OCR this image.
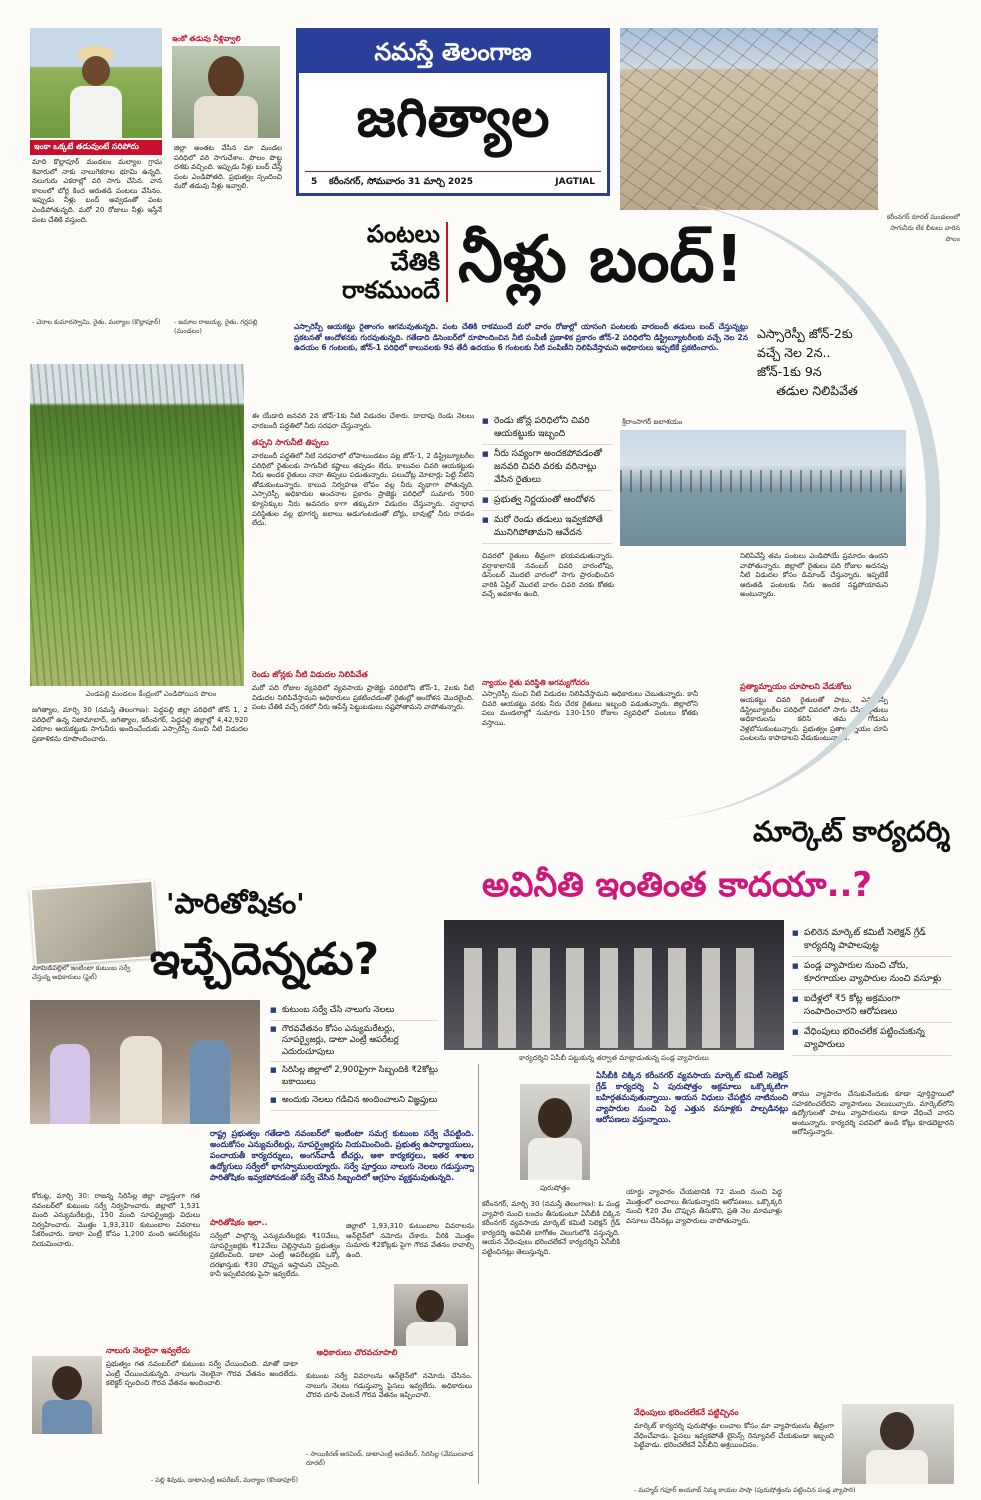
ఇంకా ఒక్కటే తడువుంటే సరిపోదు
మాది కొల్లాపూర్ మండలం మల్యాల గ్రామ శివారులో నాకు నాలుగెకరాల భూమి ఉన్నది. నలుగురు ఎకరాల్లో వరి సాగు చేసిన. వాన కాలంలో బోర్ల కింద ఆరుతడి పంటలు వేసినం. ఇప్పుడు నీళ్లు బంద్ అవ్వడంతో పంట ఎండిపోతున్నది. మరో 20 రోజులు నీళ్లు ఇస్తేనే పంట చేతికి వస్తుంది.
- చెరాల కుమారస్వామి, రైతు, మల్యాల (కొల్లాపూర్)
ఇంకో తడువు నీళ్లివ్వాలి
జిల్లా అంతట వేసిన మా మండల పరిధిలో వరి సాగుచేశాం. పొలం పొట్ట దశకు వచ్చింది. ఇప్పుడు నీళ్లు బంద్ చేస్తే పంట ఎండిపోతది. ప్రభుత్వం స్పందించి మరో తడువు నీళ్లు ఇవ్వాలి.
- జమాల రాజయ్య, రైతు, గర్లపల్లి (మండలం)
నమస్తే తెలంగాణ
జగిత్యాల
5 కరీంనగర్, సోమవారం 31 మార్చి 2025	JAGTIAL
కరీంనగర్ రూరల్ మండలంలో సాగునీరు లేక బీటలు వారిన పొలం
పంటలు
చేతికి
రాకముందే నీళ్లు బంద్!
ఎస్సారెస్పీ ఆయకట్టు రైతాంగం ఆగమవుతున్నది. పంట చేతికి రాకముందే మరో వారం రోజుల్లో యాసంగి పంటలకు వారబందీ తడులు బంద్ చేస్తున్నట్లు ప్రకటనతో ఆందోళనకు గురవుతున్నది. గతేడాది డిసెంబర్‌లో రూపొందించిన నీటి పంపిణీ ప్రణాళిక ప్రకారం జోన్-2 పరిధిలోని డిస్ట్రిబ్యూటరీలకు వచ్చే నెల 2న ఉదయం 6 గంటలకు, జోన్-1 పరిధిలో కాలువలకు 9వ తేదీ ఉదయం 6 గంటలకు నీటి పంపిణీని నిలిపివేస్తామని అధికారులు ఇప్పటికే ప్రకటించారు.
ఎస్సారెస్పీ జోన్-2కు
వచ్చే నెల 2న..
జోన్-1కు 9న
తడుల నిలిపివేత
ఎండపల్లి మండలం కేంద్రంలో ఎండిపోయిన పొలం
ఈ యేడాది జనవరి 2న జోన్-1కు నీటి విడుదల చేశారు. దాదాపు రెండు నెలలు వారబందీ పద్ధతిలో నీరు సరఫరా చేస్తున్నారు.
తప్పని సాగునీటి తిప్పలు
వారబందీ పద్ధతిలో నీటి సరఫరాలో లోపాలుండటం వల్ల జోన్-1, 2 డిస్ట్రిబ్యూటరీల పరిధిలో రైతులకు సాగునీటి కష్టాలు తప్పడం లేదు. కాలువల చివరి ఆయకట్టుకు నీరు అందక రైతులు నానా తిప్పలు పడుతున్నారు. పలుచోట్ల మోటార్లు పెట్టి నీటిని తోడుకుంటున్నారు. కాలువ నిర్వహణ లోపం వల్ల నీరు వృథాగా పోతున్నది. ఎస్సారెస్పీ అధికారుల అంచనాల ప్రకారం ప్రాజెక్టు పరిధిలో సుమారు 500 క్యూసెక్కుల నీరు అవసరం కాగా తక్కువగా విడుదల చేస్తున్నారు. వర్షాభావ పరిస్థితుల వల్ల భూగర్భ జలాలు అడుగంటడంతో బోర్లు, బావుల్లో నీరు రావడం లేదు.
రెండు జోన్లకు నీటి విడుదల నిలిపివేత
మరో పది రోజుల వ్యవధిలో వ్యవసాయ ప్రాజెక్టు పరిధిలోని జోన్-1, 2లకు నీటి విడుదల నిలిపివేస్తామని అధికారులు ప్రకటించడంతో రైతుల్లో ఆందోళన మొదలైంది. పంట చేతికి వచ్చే దశలో నీరు ఆపేస్తే పెట్టుబడులు నష్టపోతామని వాపోతున్నారు.
జగిత్యాల, మార్చి 30 (నమస్తే తెలంగాణ): పెద్దపల్లి జిల్లా పరిధిలో జోన్ 1, 2 పరిధిలో ఉన్న నిజామాబాద్, జగిత్యాల, కరీంనగర్, పెద్దపల్లి జిల్లాల్లో 4,42,920 ఎకరాల ఆయకట్టుకు సాగునీరు అందించేందుకు ఎస్సారెస్పీ నుంచి నీటి విడుదల ప్రణాళికను రూపొందించారు.
■ రెండు జోన్ల పరిధిలోని చివరి ఆయకట్టుకు ఇబ్బంది
■ నీరు సవ్యంగా అందకపోవడంతో జనవరి చివరి వరకు వరినాట్లు వేసిన రైతులు
■ ప్రభుత్వ నిర్ణయంతో ఆందోళన
■ మరో రెండు తడులు ఇవ్వకపోతే మునిగిపోతామని ఆవేదన
శ్రీరాంసాగర్ జలాశయం
చివరలో రైతులు తీవ్రంగా భయపడుతున్నారు. వర్షాకాలానికి నవంబర్ చివరి వారంలోపు, డిసెంబర్ మొదటి వారంలో సాగు ప్రారంభించిన వారికి ఏప్రిల్ మొదటి వారం చివరి వరకు కోతకు వచ్చే అవకాశం ఉంది.
న్యాయం రైతు పరిస్థితి అగమ్యగోచరం
ఎస్సారెస్పీ నుంచి నీటి విడుదల నిలిపివేస్తామని అధికారులు చెబుతున్నారు. కానీ చివరి ఆయకట్టు వరకు నీరు చేరక రైతులు ఇబ్బంది పడుతున్నారు. జిల్లాలోని పలు మండలాల్లో సుమారు 130-150 రోజుల వ్యవధిలో పంటలు కోతకు వస్తాయి.
నిలిపివేస్తే తమ పంటలు ఎండిపోయే ప్రమాదం ఉందని వాపోతున్నారు. జిల్లాలో రైతులు పది రోజుల అదనపు నీటి విడుదల కోసం డిమాండ్ చేస్తున్నారు. ఇప్పటికే ఆరుతడి పంటలకు నీరు అందక నష్టపోయామని అంటున్నారు.
ప్రత్యామ్నాయం చూపాలని వేడుకోలు
ఆయకట్టు చివరి రైతులతో పాటు, ఎస్సారెస్పీ డిస్ట్రిబ్యూటరీల పరిధిలో చివరలో సాగు చేసిన రైతులు అధికారులను కలిసి తమ గోడును వెళ్లబోసుకుంటున్నారు. ప్రభుత్వం ప్రత్యామ్నాయం చూపి పంటలను కాపాడాలని వేడుకుంటున్నారు.
మార్కెట్ కార్యదర్శి
అవినీతి ఇంతింత కాదయా..?
కార్యదర్శిని ఏసీబీ పట్టుకున్న తర్వాత మాట్లాడుతున్న పండ్ల వ్యాపారులు
■ పలిరెన మార్కెట్ కమిటీ సెలెక్షన్ గ్రేడ్ కార్యదర్శి పాపాలపుట్ట
■ పండ్ల వ్యాపారుల నుంచి చోరు, కూరగాయల వ్యాపారుల నుంచి వసూళ్లు
■ ఐదేళ్లలో ₹5 కోట్ల అక్రమంగా సంపాదించారని ఆరోపణలు
■ వేధింపులు భరించలేక పట్టించుకున్న వ్యాపారులు
ఏసీబీకి చిక్కిన కరీంనగర్ వ్యవసాయ మార్కెట్ కమిటీ సెలెక్షన్ గ్రేడ్ కార్యదర్శి ఏ పురుషోత్తం అక్రమాలు ఒక్కొక్కటిగా బహిర్గతమవుతున్నాయి. అయన విధులు చేపట్టిన నాటినుంచి వ్యాపారుల నుంచి పెద్ద ఎత్తున వసూళ్లకు పాల్పడినట్లు ఆరోపణలు వస్తున్నాయి.
పురుషోత్తం
కరీంనగర్, మార్చి 30 (నమస్తే తెలంగాణ): ఓ పండ్ల వ్యాపారి నుంచి లంచం తీసుకుంటూ ఏసీబీకి చిక్కిన కరీంనగర్ వ్యవసాయ మార్కెట్ కమిటీ సెలెక్షన్ గ్రేడ్ కార్యదర్శి అవినీతి బాగోతం వెలుగులోకి వస్తున్నది. ఆయన వేధింపులు భరించలేకనే కార్యదర్శిని ఏసీబీకి పట్టించినట్లు తెలుస్తున్నది.
యార్డు వ్యాపారం చేయటానికి 72 మంది నుంచి పెద్ద మొత్తంలో లంచాలు తీసుకున్నారని ఆరోపణలు. ఒక్కొక్కరి నుంచి ₹20 వేల చొప్పున తీసుకొని, ప్రతి నెల మామూళ్లు వసూలు చేసినట్లు వ్యాపారులు వాపోతున్నారు.
తాము వ్యాపారం చేసుకునేందుకు కూడా పూర్తిస్థాయిలో సహకరించలేదని వ్యాపారులు వెలుబుచ్చారు. మార్కెట్‌లోని ఉద్యోగులతో పాటు వ్యాపారులను కూడా వేధించే వారని అంటున్నారు. కార్యదర్శి పదవిలో ఉండి కోట్లు కూడబెట్టారని ఆరోపిస్తున్నారు.
వేధింపులు భరించలేకనే పట్టిచ్చినం
మార్కెట్ కార్యదర్శి పురుషోత్తం లంచాల కోసం మా వ్యాపారులను తీవ్రంగా వేధించేవాడు. పైసలు ఇవ్వకపోతే లైసెన్స్ రెన్యూవల్ చేయకుండా ఇబ్బంది పెట్టేవాడు. భరించలేకనే ఏసీబీని ఆశ్రయించినం.
- మహ్మద్ గఫూర్ అయూబ్ నిమ్మ కాయల పాషా (పురుషోత్తంను పట్టించిన పండ్ల వ్యాపారి)
మామిడిపల్లిలో ఇంటింటా కుటుంబ సర్వే చేస్తున్న అధికారులు (ఫైల్)
'పారితోషికం'
ఇచ్చేదెన్నడు?
■ కుటుంబ సర్వే చేసి నాలుగు నెలలు
■ గౌరవవేతనం కోసం ఎన్యుమరేటర్లు, సూపర్వైజర్లు, డాటా ఎంట్రీ ఆపరేటర్ల ఎదురుచూపులు
■ సిరిసిల్ల జిల్లాలో 2,900ప్రైగా సిబ్బందికి ₹2కోట్లు బకాయిలు
■ అందుకు నెలలు గడిచిన అందించాలని విజ్ఞప్తులు
రాష్ట్ర ప్రభుత్వం గతేడాది నవంబర్‌లో ఇంటింటా సమగ్ర కుటుంబ సర్వే చేపట్టింది. అందుకోసం ఎన్యుమరేటర్లు, సూపర్వైజర్లను నియమించింది. ప్రభుత్వ ఉపాధ్యాయులు, పంచాయతీ కార్యదర్శులు, అంగన్‌వాడీ టీచర్లు, ఆశా కార్యకర్తలు, ఇతర శాఖల ఉద్యోగులు సర్వేలో భాగస్వాములయ్యారు. సర్వే పూర్తయి నాలుగు నెలలు గడుస్తున్నా పారితోషికం ఇవ్వకపోవడంతో సర్వే చేసిన సిబ్బందిలో ఆగ్రహం వ్యక్తమవుతున్నది.
కోరుట్ల, మార్చి 30: రాజన్న సిరిసిల్ల జిల్లా వ్యాప్తంగా గత నవంబర్‌లో కుటుంబ సర్వే నిర్వహించారు. జిల్లాలో 1,531 మంది ఎన్యుమరేటర్లు, 150 మంది సూపర్వైజర్లు విధులు నిర్వహించారు. మొత్తం 1,93,310 కుటుంబాల వివరాలు సేకరించారు. డాటా ఎంట్రీ కోసం 1,200 మంది ఆపరేటర్లను నియమించారు.
పారితోషికం ఇలా..
సర్వేలో పాల్గొన్న ఎన్యుమరేటర్లకు ₹10వేలు, సూపర్వైజర్లకు ₹12వేలు చెల్లిస్తామని ప్రభుత్వం ప్రకటించింది. డాటా ఎంట్రీ ఆపరేటర్లకు ఒక్కో దరఖాస్తుకు ₹30 చొప్పున ఇస్తామని చెప్పింది. కానీ ఇప్పటివరకు పైసా ఇవ్వలేదు.
జిల్లాలో 1,93,310 కుటుంబాల వివరాలను ఆన్‌లైన్‌లో నమోదు చేశారు. వీరికి మొత్తం సుమారు ₹2కోట్లకు పైగా గౌరవ వేతనం రావాల్సి ఉంది.
అధికారులు చొరవచూపాలి
కుటుంబ సర్వే వివరాలను ఆన్‌లైన్‌లో నమోదు చేసినం. నాలుగు నెలలు గడుస్తున్నా పైసలు ఇవ్వలేదు. అధికారులు చొరవ చూపి వెంటనే గౌరవ వేతనం ఇప్పించాలి.
- సాయికిరణ్ అరవింద్, డాటాఎంట్రీ ఆపరేటర్, సిరిసిల్ల (వేములవాడ రూరల్)
నాలుగు నెలలైనా ఇవ్వలేదు
ప్రభుత్వం గత నవంబర్‌లో కుటుంబ సర్వే చేయించింది. మాతో డాటా ఎంట్రీ చేయించుకున్నది. నాలుగు నెలలైనా గౌరవ వేతనం అందలేదు. కలెక్టర్ స్పందించి గౌరవ వేతనం అందించాలి.
- పల్లి శివుడు, డాటాఎంట్రీ ఆపరేటర్, మల్యాల (కొండాపూర్)
